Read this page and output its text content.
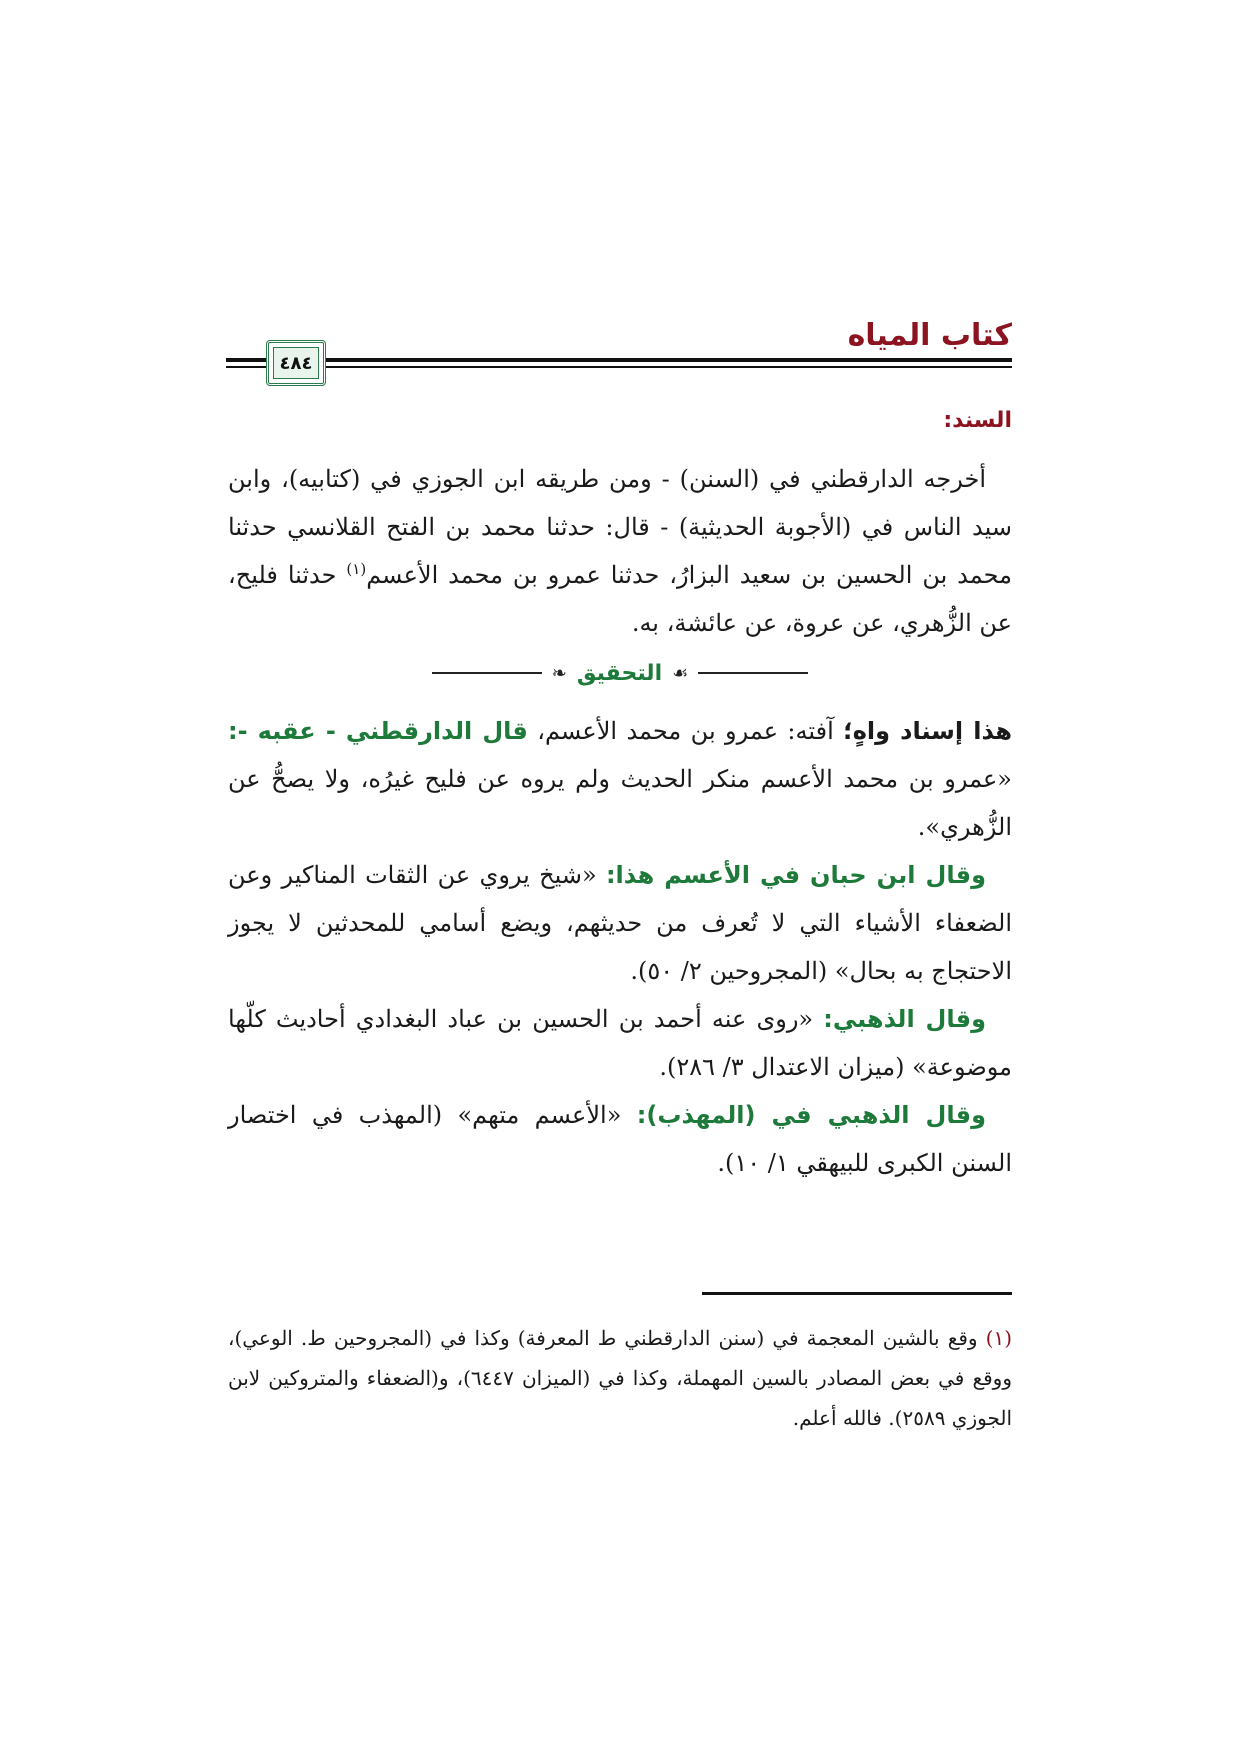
كتاب المياه
٤٨٤
السند:

أخرجه الدارقطني في (السنن) - ومن طريقه ابن الجوزي في (كتابيه)، وابن سيد الناس في (الأجوبة الحديثية) - قال: حدثنا محمد بن الفتح القلانسي حدثنا محمد بن الحسين بن سعيد البزارُ، حدثنا عمرو بن محمد الأعسم$^{(١)}$ حدثنا فليح، عن الزُّهري، عن عروة، عن عائشة، به.

☙
التحقيق
❧

هذا إسناد واهٍ؛ آفته: عمرو بن محمد الأعسم، قال الدارقطني - عقبه -: «عمرو بن محمد الأعسم منكر الحديث ولم يروه عن فليح غيرُه، ولا يصحُّ عن الزُّهري».

وقال ابن حبان في الأعسم هذا: «شيخ يروي عن الثقات المناكير وعن الضعفاء الأشياء التي لا تُعرف من حديثهم، ويضع أسامي للمحدثين لا يجوز الاحتجاج به بحال» (المجروحين ٢/ ٥٠).

وقال الذهبي: «روى عنه أحمد بن الحسين بن عباد البغدادي أحاديث كلّها موضوعة» (ميزان الاعتدال ٣/ ٢٨٦).

وقال الذهبي في (المهذب): «الأعسم متهم» (المهذب في اختصار السنن الكبرى للبيهقي ١/ ١٠).

(١) وقع بالشين المعجمة في (سنن الدارقطني ط المعرفة) وكذا في (المجروحين ط. الوعي)، ووقع في بعض المصادر بالسين المهملة، وكذا في (الميزان ٦٤٤٧)، و(الضعفاء والمتروكين لابن الجوزي ٢٥٨٩). فالله أعلم.
